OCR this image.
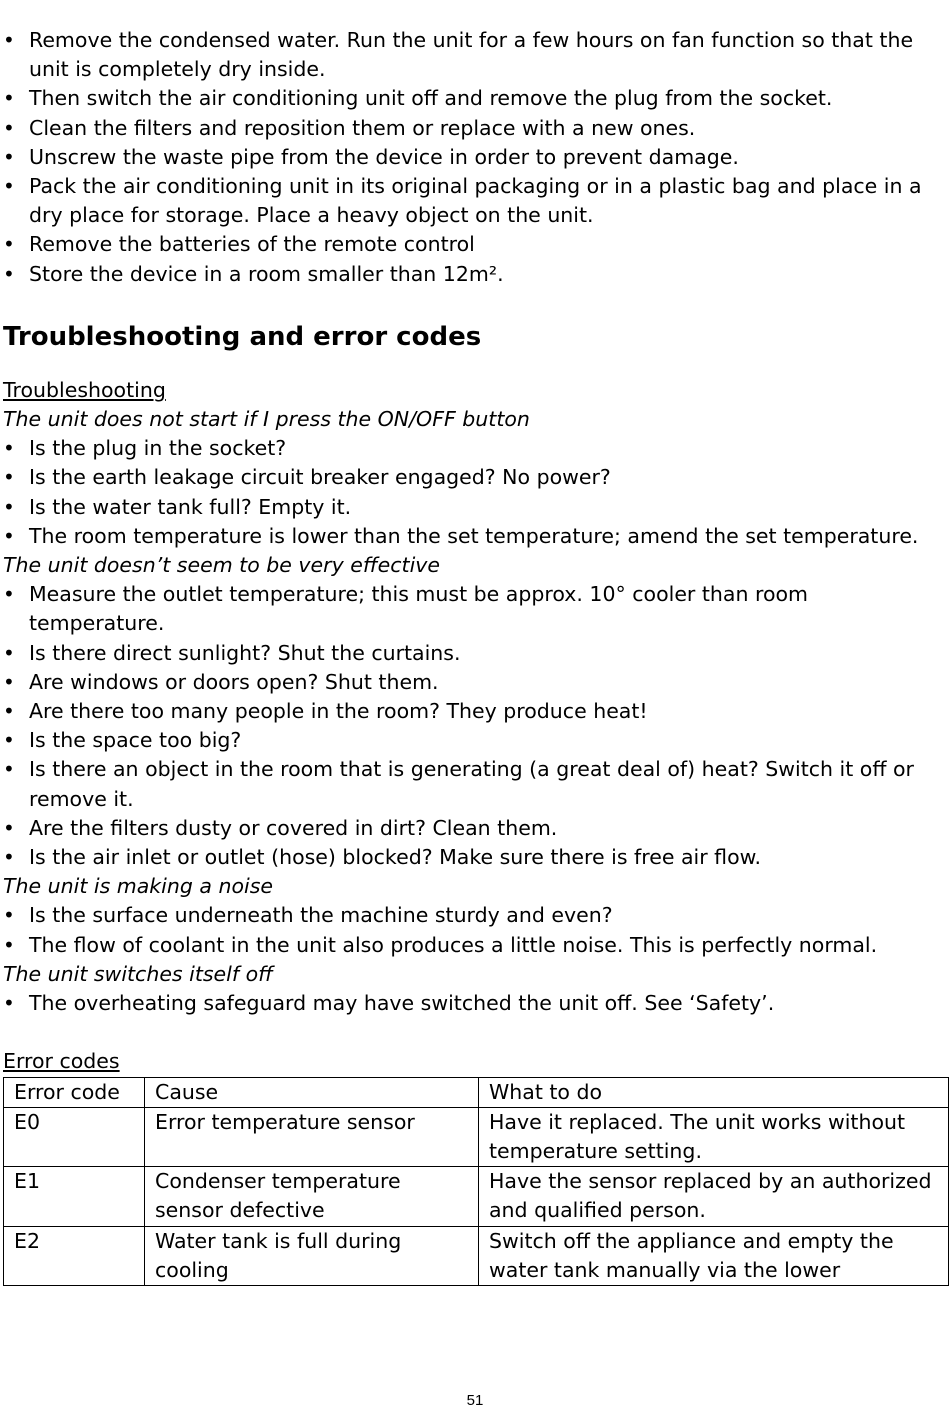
• Remove the condensed water. Run the unit for a few hours on fan function so that the unit is completely dry inside.
• Then switch the air conditioning unit off and remove the plug from the socket.
• Clean the filters and reposition them or replace with a new ones.
• Unscrew the waste pipe from the device in order to prevent damage.
• Pack the air conditioning unit in its original packaging or in a plastic bag and place in a dry place for storage. Place a heavy object on the unit.
• Remove the batteries of the remote control
• Store the device in a room smaller than 12m².
Troubleshooting and error codes
Troubleshooting
The unit does not start if I press the ON/OFF button
• Is the plug in the socket?
• Is the earth leakage circuit breaker engaged? No power?
• Is the water tank full? Empty it.
• The room temperature is lower than the set temperature; amend the set temperature.
The unit doesn’t seem to be very effective
• Measure the outlet temperature; this must be approx. 10° cooler than room temperature.
• Is there direct sunlight? Shut the curtains.
• Are windows or doors open? Shut them.
• Are there too many people in the room? They produce heat!
• Is the space too big?
• Is there an object in the room that is generating (a great deal of) heat? Switch it off or remove it.
• Are the filters dusty or covered in dirt? Clean them.
• Is the air inlet or outlet (hose) blocked? Make sure there is free air flow.
The unit is making a noise
• Is the surface underneath the machine sturdy and even?
• The flow of coolant in the unit also produces a little noise. This is perfectly normal.
The unit switches itself off
• The overheating safeguard may have switched the unit off. See ‘Safety’.
Error codes
Error code	Cause	What to do
E0	Error temperature sensor	Have it replaced. The unit works without temperature setting.
E1	Condenser temperature sensor defective	Have the sensor replaced by an authorized and qualified person.
E2	Water tank is full during cooling	Switch off the appliance and empty the water tank manually via the lower
51
